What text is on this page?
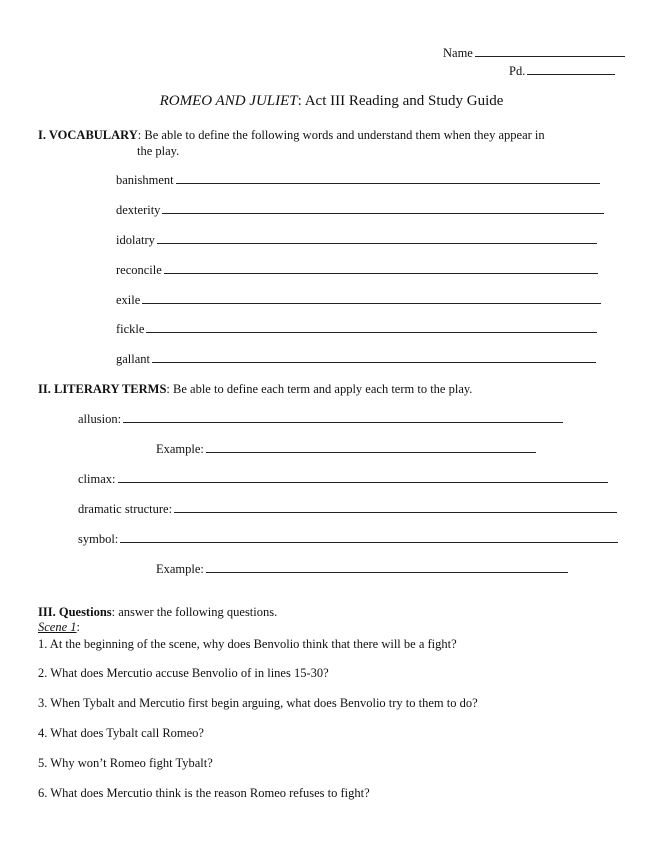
Name
Pd.
ROMEO AND JULIET: Act III Reading and Study Guide
I. VOCABULARY: Be able to define the following words and understand them when they appear in
the play.
banishment
dexterity
idolatry
reconcile
exile
fickle
gallant
II. LITERARY TERMS: Be able to define each term and apply each term to the play.
allusion:
Example:
climax:
dramatic structure:
symbol:
Example:
III. Questions: answer the following questions.
Scene 1:
1. At the beginning of the scene, why does Benvolio think that there will be a fight?
2. What does Mercutio accuse Benvolio of in lines 15-30?
3. When Tybalt and Mercutio first begin arguing, what does Benvolio try to them to do?
4. What does Tybalt call Romeo?
5. Why won’t Romeo fight Tybalt?
6. What does Mercutio think is the reason Romeo refuses to fight?
